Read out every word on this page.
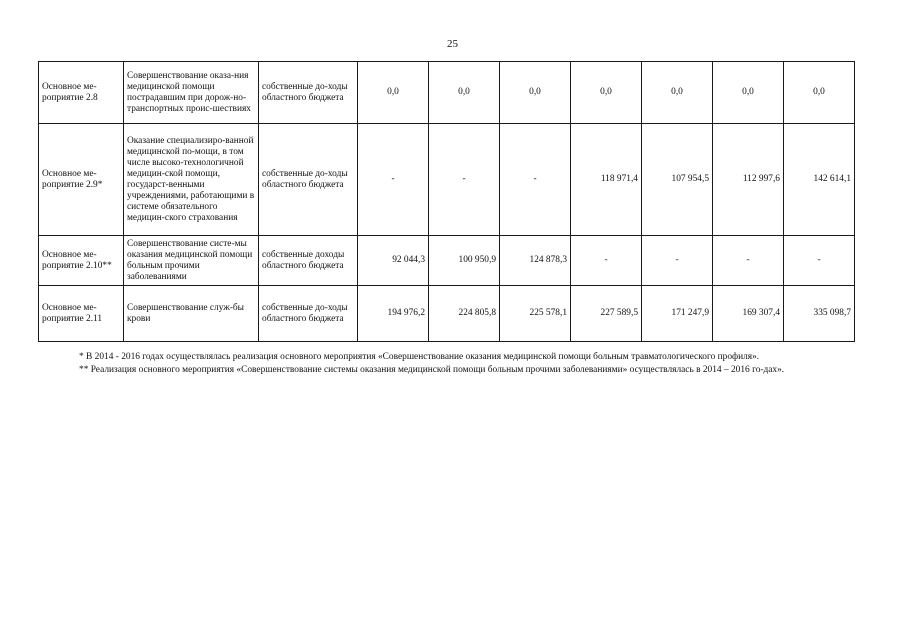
25
Основное ме-роприятие 2.8	Совершенствование оказа-ния медицинской помощи пострадавшим при дорож-но-транспортных проис-шествиях	собственные до-ходы областного бюджета	0,0	0,0	0,0	0,0	0,0	0,0	0,0
Основное ме-роприятие 2.9*	Оказание специализиро-ванной медицинской по-мощи, в том числе высоко-технологичной медицин-ской помощи, государст-венными учреждениями, работающими в системе обязательного медицин-ского страхования	собственные до-ходы областного бюджета	-	-	-	118 971,4	107 954,5	112 997,6	142 614,1
Основное ме-роприятие 2.10**	Совершенствование систе-мы оказания медицинской помощи больным прочими заболеваниями	собственные доходы областного бюджета	92 044,3	100 950,9	124 878,3	-	-	-	-
Основное ме-роприятие 2.11	Совершенствование служ-бы крови	собственные до-ходы областного бюджета	194 976,2	224 805,8	225 578,1	227 589,5	171 247,9	169 307,4	335 098,7
* В 2014 - 2016 годах осуществлялась реализация основного мероприятия «Совершенствование оказания медицинской помощи больным травматологического профиля».
** Реализация основного мероприятия «Совершенствование системы оказания медицинской помощи больным прочими заболеваниями» осуществлялась в 2014 – 2016 го-дах».
